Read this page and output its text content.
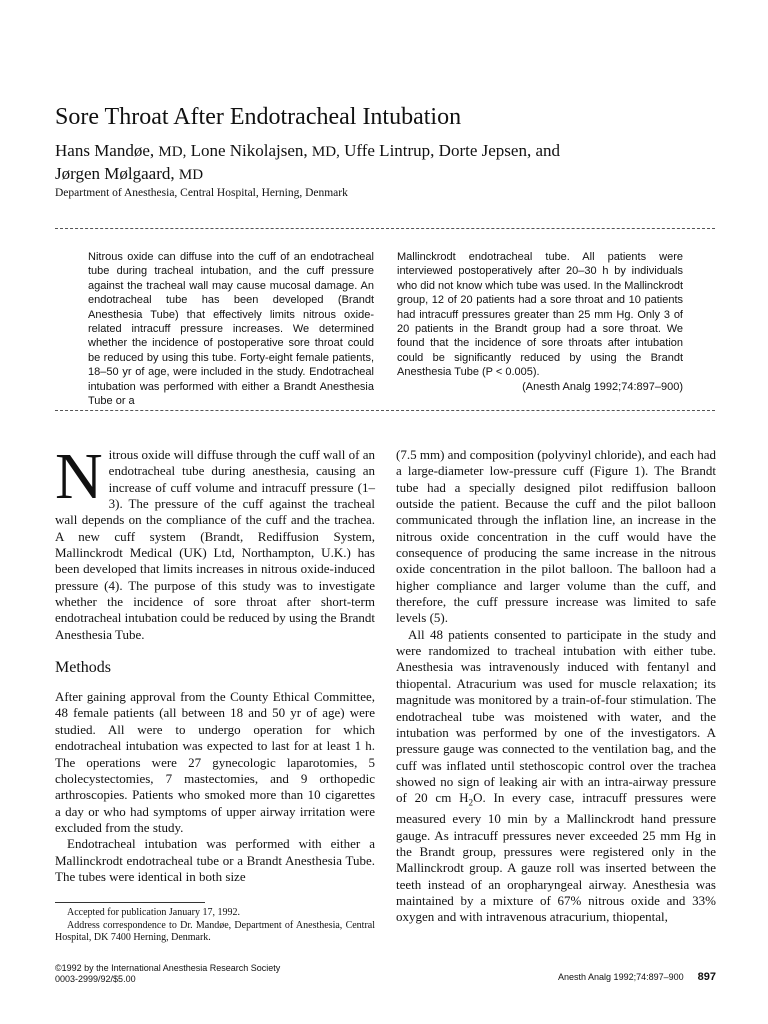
Sore Throat After Endotracheal Intubation
Hans Mandøe, MD, Lone Nikolajsen, MD, Uffe Lintrup, Dorte Jepsen, and
Jørgen Mølgaard, MD
Department of Anesthesia, Central Hospital, Herning, Denmark

Nitrous oxide can diffuse into the cuff of an endotracheal tube during tracheal intubation, and the cuff pressure against the tracheal wall may cause mucosal damage. An endotracheal tube has been developed (Brandt Anesthesia Tube) that effectively limits nitrous oxide-related intracuff pressure increases. We determined whether the incidence of postoperative sore throat could be reduced by using this tube. Forty-eight female patients, 18–50 yr of age, were included in the study. Endotracheal intubation was performed with either a Brandt Anesthesia Tube or a

Mallinckrodt endotracheal tube. All patients were interviewed postoperatively after 20–30 h by individuals who did not know which tube was used. In the Mallinckrodt group, 12 of 20 patients had a sore throat and 10 patients had intracuff pressures greater than 25 mm Hg. Only 3 of 20 patients in the Brandt group had a sore throat. We found that the incidence of sore throats after intubation could be significantly reduced by using the Brandt Anesthesia Tube (P < 0.005).

(Anesth Analg 1992;74:897–900)

Nitrous oxide will diffuse through the cuff wall of an endotracheal tube during anesthesia, causing an increase of cuff volume and intracuff pressure (1–3). The pressure of the cuff against the tracheal wall depends on the compliance of the cuff and the trachea. A new cuff system (Brandt, Rediffusion System, Mallinckrodt Medical (UK) Ltd, Northampton, U.K.) has been developed that limits increases in nitrous oxide-induced pressure (4). The purpose of this study was to investigate whether the incidence of sore throat after short-term endotracheal intubation could be reduced by using the Brandt Anesthesia Tube.

Methods

After gaining approval from the County Ethical Committee, 48 female patients (all between 18 and 50 yr of age) were studied. All were to undergo operation for which endotracheal intubation was expected to last for at least 1 h. The operations were 27 gynecologic laparotomies, 5 cholecystectomies, 7 mastectomies, and 9 orthopedic arthroscopies. Patients who smoked more than 10 cigarettes a day or who had symptoms of upper airway irritation were excluded from the study.

Endotracheal intubation was performed with either a Mallinckrodt endotracheal tube or a Brandt Anesthesia Tube. The tubes were identical in both size

(7.5 mm) and composition (polyvinyl chloride), and each had a large-diameter low-pressure cuff (Figure 1). The Brandt tube had a specially designed pilot rediffusion balloon outside the patient. Because the cuff and the pilot balloon communicated through the inflation line, an increase in the nitrous oxide concentration in the cuff would have the consequence of producing the same increase in the nitrous oxide concentration in the pilot balloon. The balloon had a higher compliance and larger volume than the cuff, and therefore, the cuff pressure increase was limited to safe levels (5).

All 48 patients consented to participate in the study and were randomized to tracheal intubation with either tube. Anesthesia was intravenously induced with fentanyl and thiopental. Atracurium was used for muscle relaxation; its magnitude was monitored by a train-of-four stimulation. The endotracheal tube was moistened with water, and the intubation was performed by one of the investigators. A pressure gauge was connected to the ventilation bag, and the cuff was inflated until stethoscopic control over the trachea showed no sign of leaking air with an intra-airway pressure of 20 cm $H_2O$. In every case, intracuff pressures were measured every 10 min by a Mallinckrodt hand pressure gauge. As intracuff pressures never exceeded 25 mm Hg in the Brandt group, pressures were registered only in the Mallinckrodt group. A gauze roll was inserted between the teeth instead of an oropharyngeal airway. Anesthesia was maintained by a mixture of 67% nitrous oxide and 33% oxygen and with intravenous atracurium, thiopental,

Accepted for publication January 17, 1992.

Address correspondence to Dr. Mandøe, Department of Anesthesia, Central Hospital, DK 7400 Herning, Denmark.

©1992 by the International Anesthesia Research Society
0003-2999/92/$5.00	Anesth Analg 1992;74:897–900 897
